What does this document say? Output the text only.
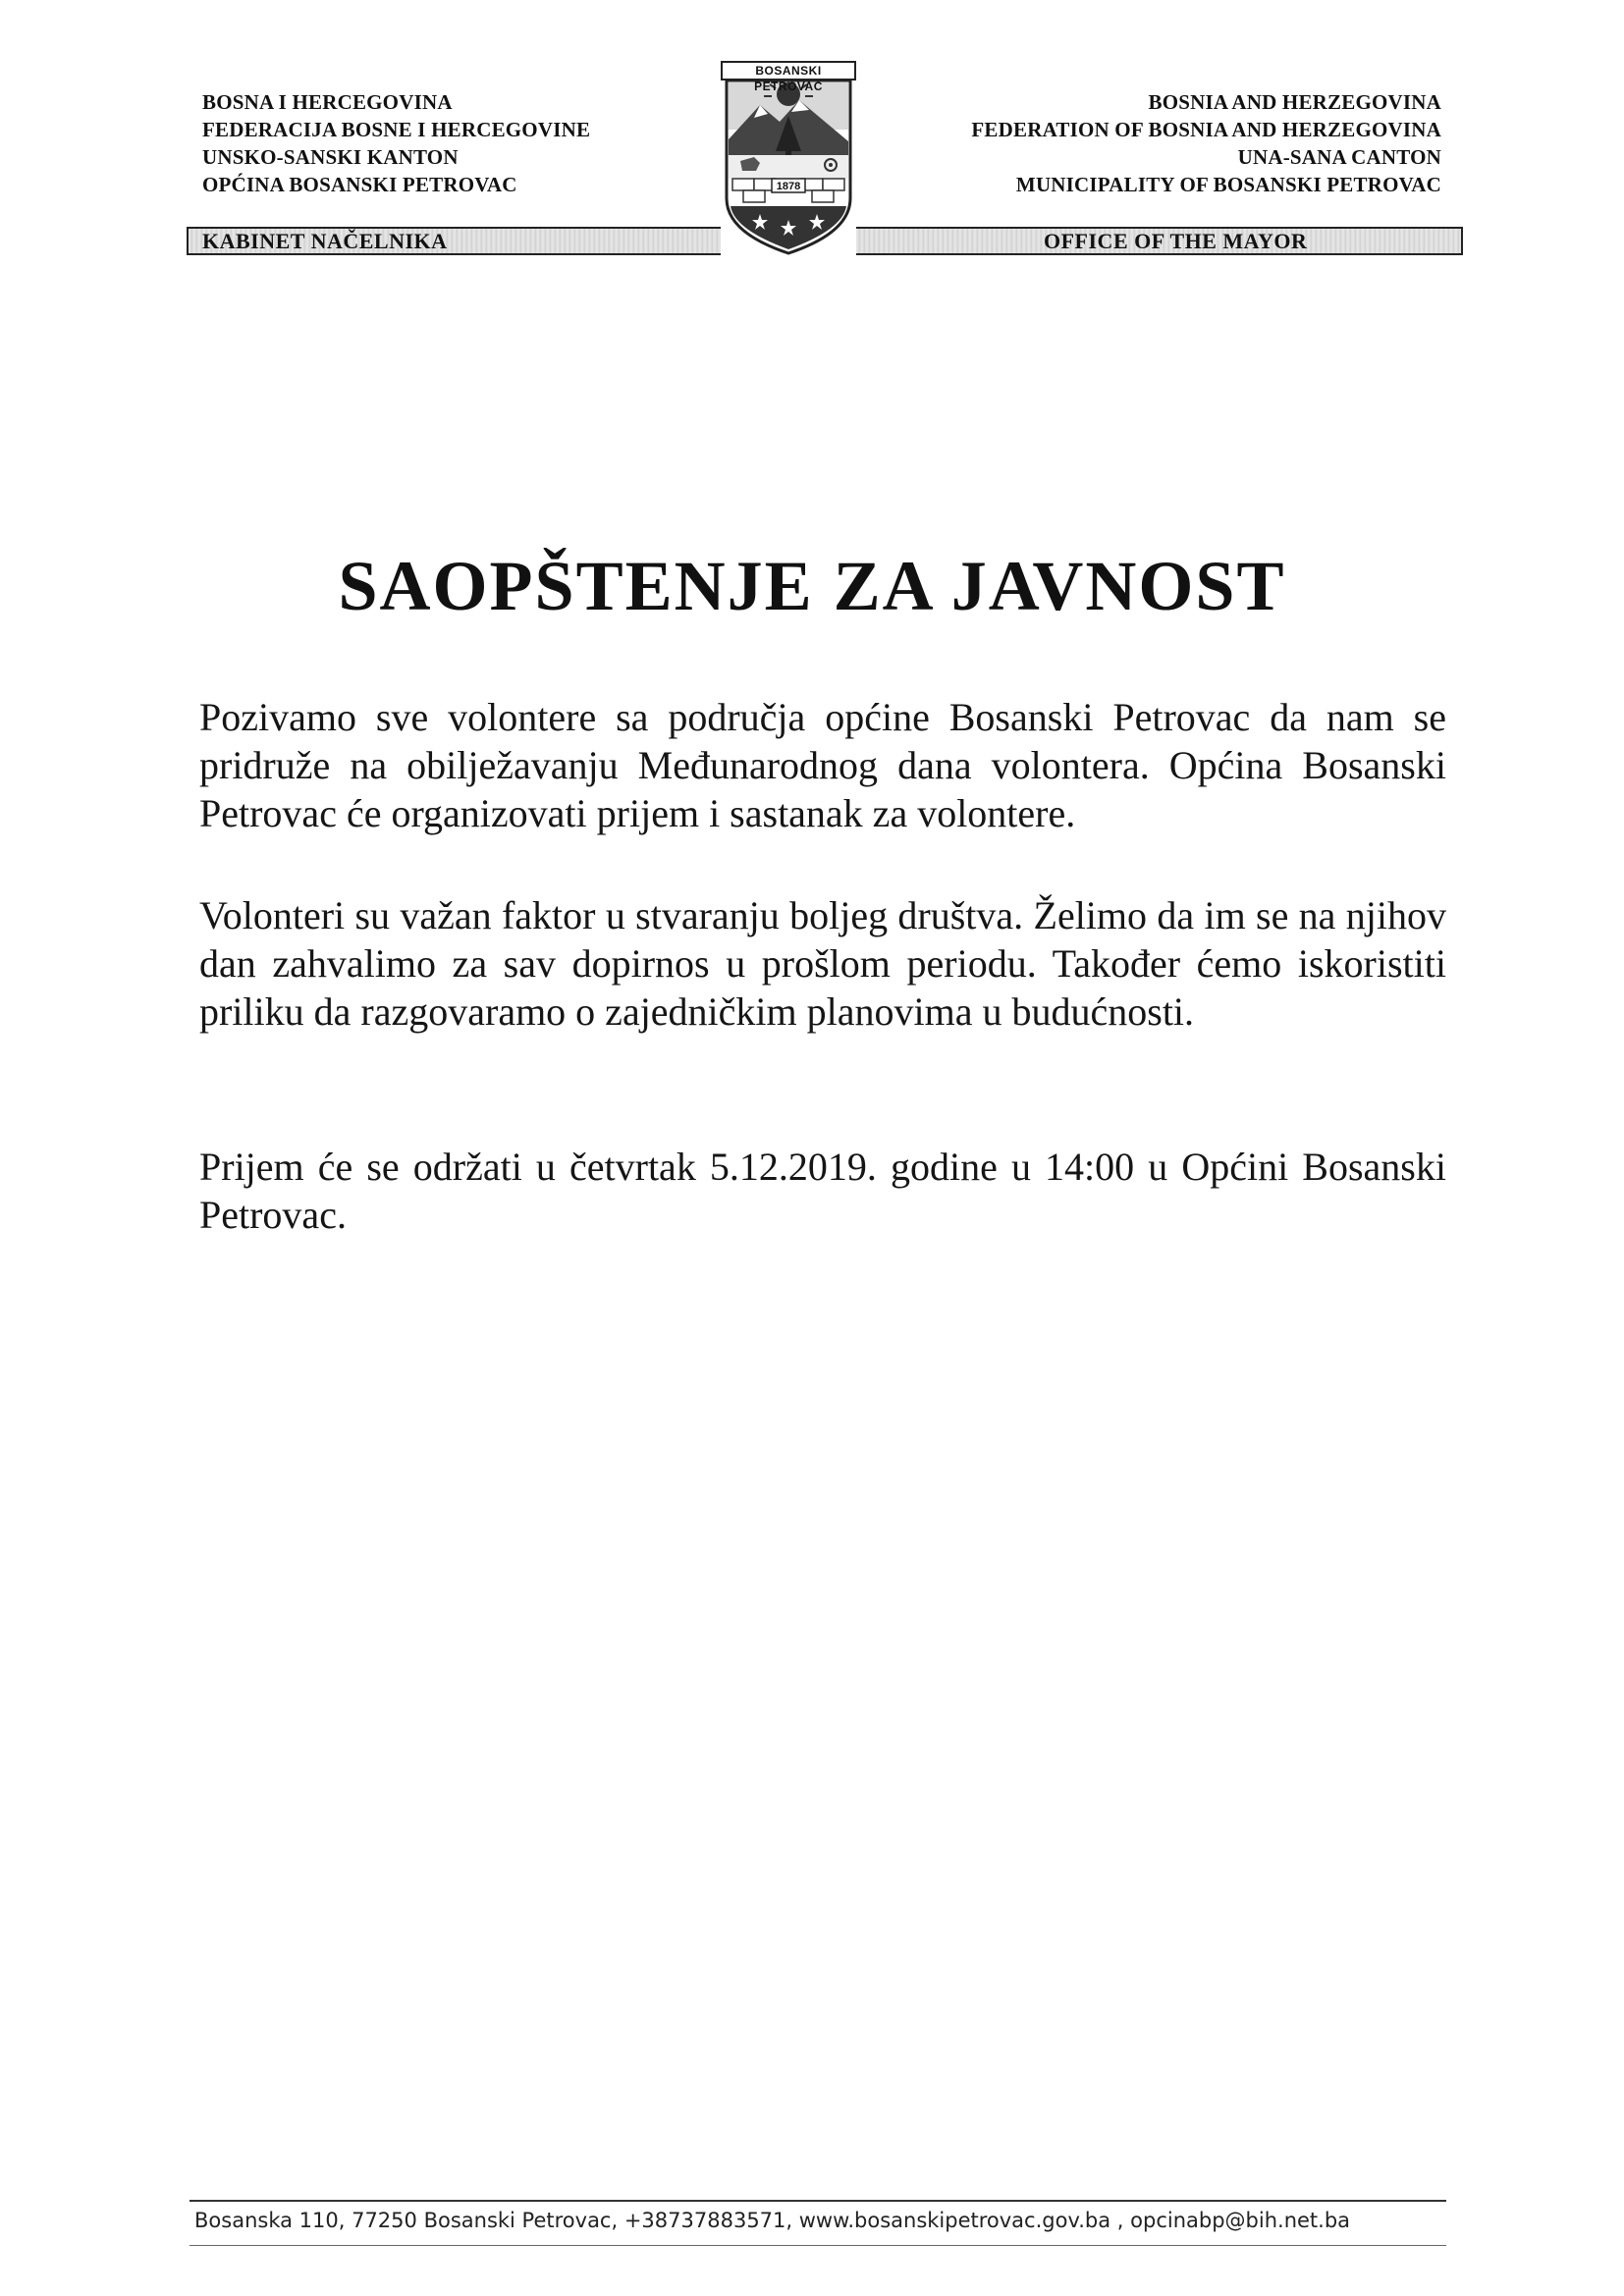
BOSNA I HERCEGOVINA
FEDERACIJA BOSNE I HERCEGOVINE
UNSKO-SANSKI KANTON
OPĆINA BOSANSKI PETROVAC
BOSNIA AND HERZEGOVINA
FEDERATION OF BOSNIA AND HERZEGOVINA
UNA-SANA CANTON
MUNICIPALITY OF BOSANSKI PETROVAC
KABINET NAČELNIKA	OFFICE OF THE MAYOR
BOSANSKI PETROVAC
1878
SAOPŠTENJE ZA JAVNOST
Pozivamo sve volontere sa područja općine Bosanski Petrovac da nam se pridruže na obilježavanju Međunarodnog dana volontera. Općina Bosanski Petrovac će organizovati prijem i sastanak za volontere.
Volonteri su važan faktor u stvaranju boljeg društva. Želimo da im se na njihov dan zahvalimo za sav dopirnos u prošlom periodu. Također ćemo iskoristiti priliku da razgovaramo o zajedničkim planovima u budućnosti.
Prijem će se održati u četvrtak 5.12.2019. godine u 14:00 u Općini Bosanski Petrovac.
Bosanska 110, 77250 Bosanski Petrovac, +38737883571, www.bosanskipetrovac.gov.ba , opcinabp@bih.net.ba
